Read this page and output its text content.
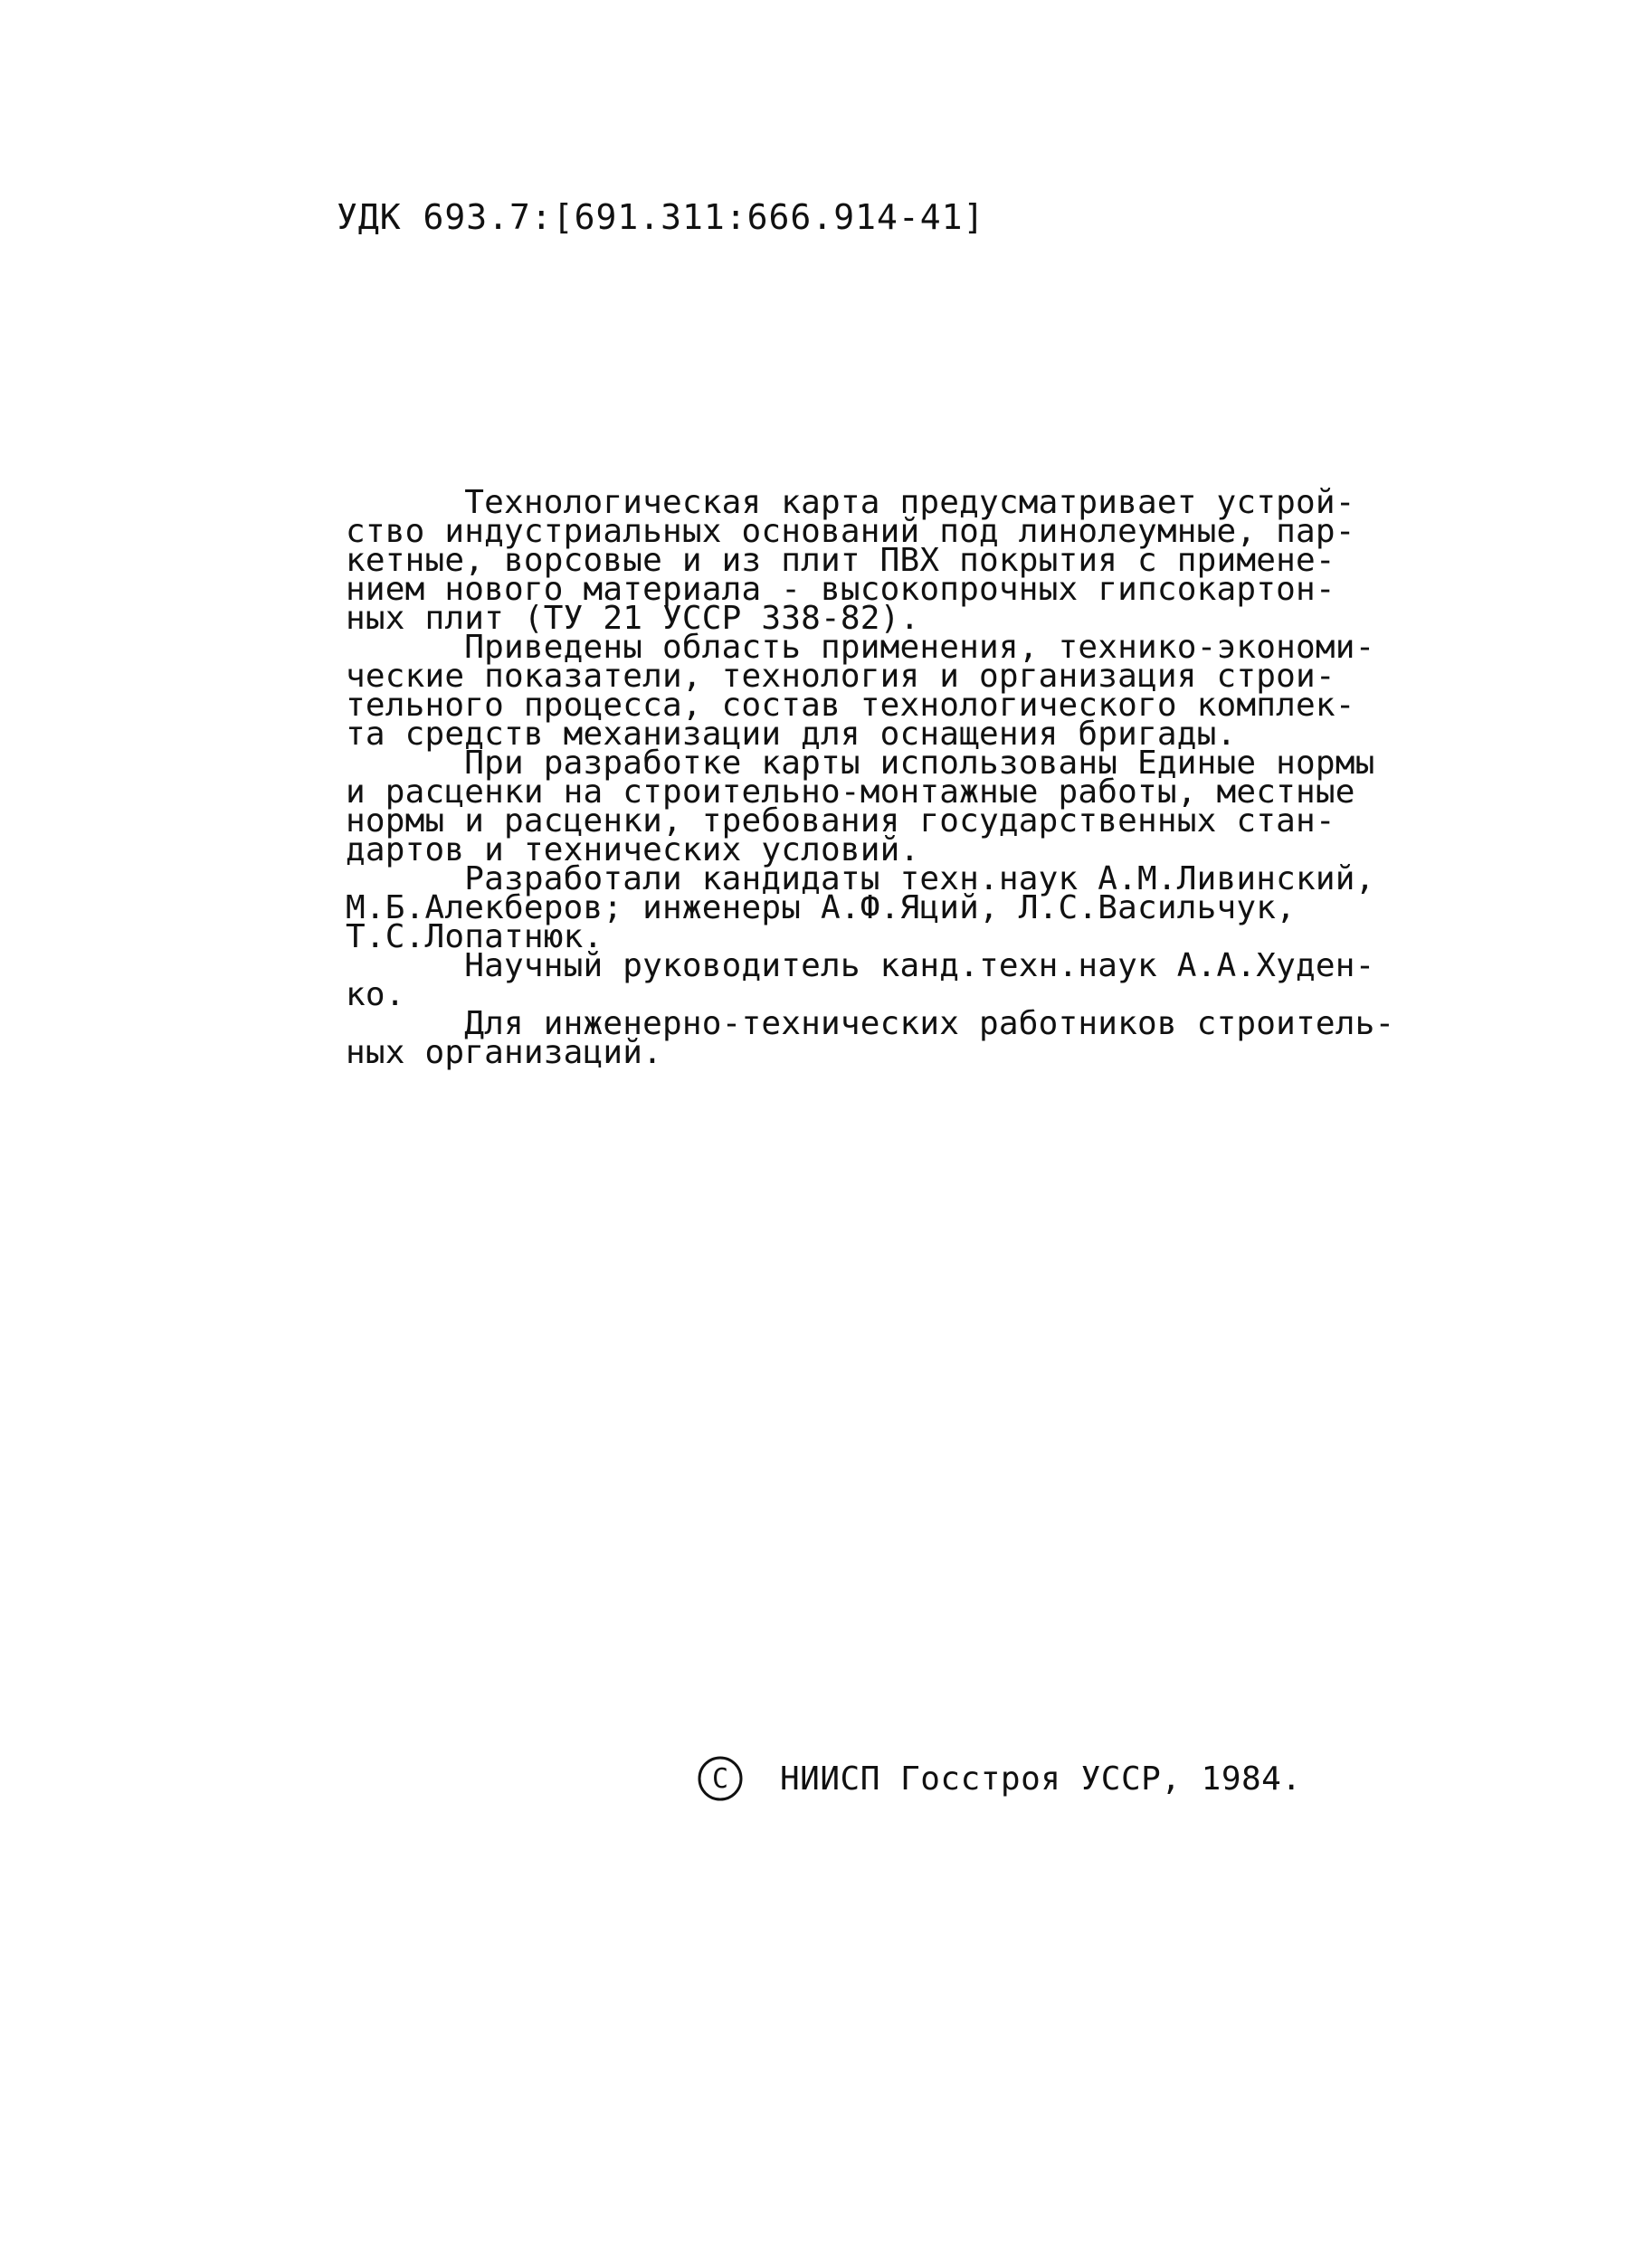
УДК 693.7:[691.311:666.914-41]
Технологическая карта предусматривает устрой-
ство индустриальных оснований под линолеумные, пар-
кетные, ворсовые и из плит ПВХ покрытия с примене-
нием нового материала - высокопрочных гипсокартон-
ных плит (ТУ 21 УССР 338-82).
Приведены область применения, технико-экономи-
ческие показатели, технология и организация строи-
тельного процесса, состав технологического комплек-
та средств механизации для оснащения бригады.
При разработке карты использованы Единые нормы
и расценки на строительно-монтажные работы, местные
нормы и расценки, требования государственных стан-
дартов и технических условий.
Разработали кандидаты техн.наук А.М.Ливинский,
М.Б.Алекберов; инженеры А.Ф.Яций, Л.С.Васильчук,
Т.С.Лопатнюк.
Научный руководитель канд.техн.наук А.А.Худен-
ко.
Для инженерно-технических работников строитель-
ных организаций.
C НИИСП Госстроя УССР, 1984.
